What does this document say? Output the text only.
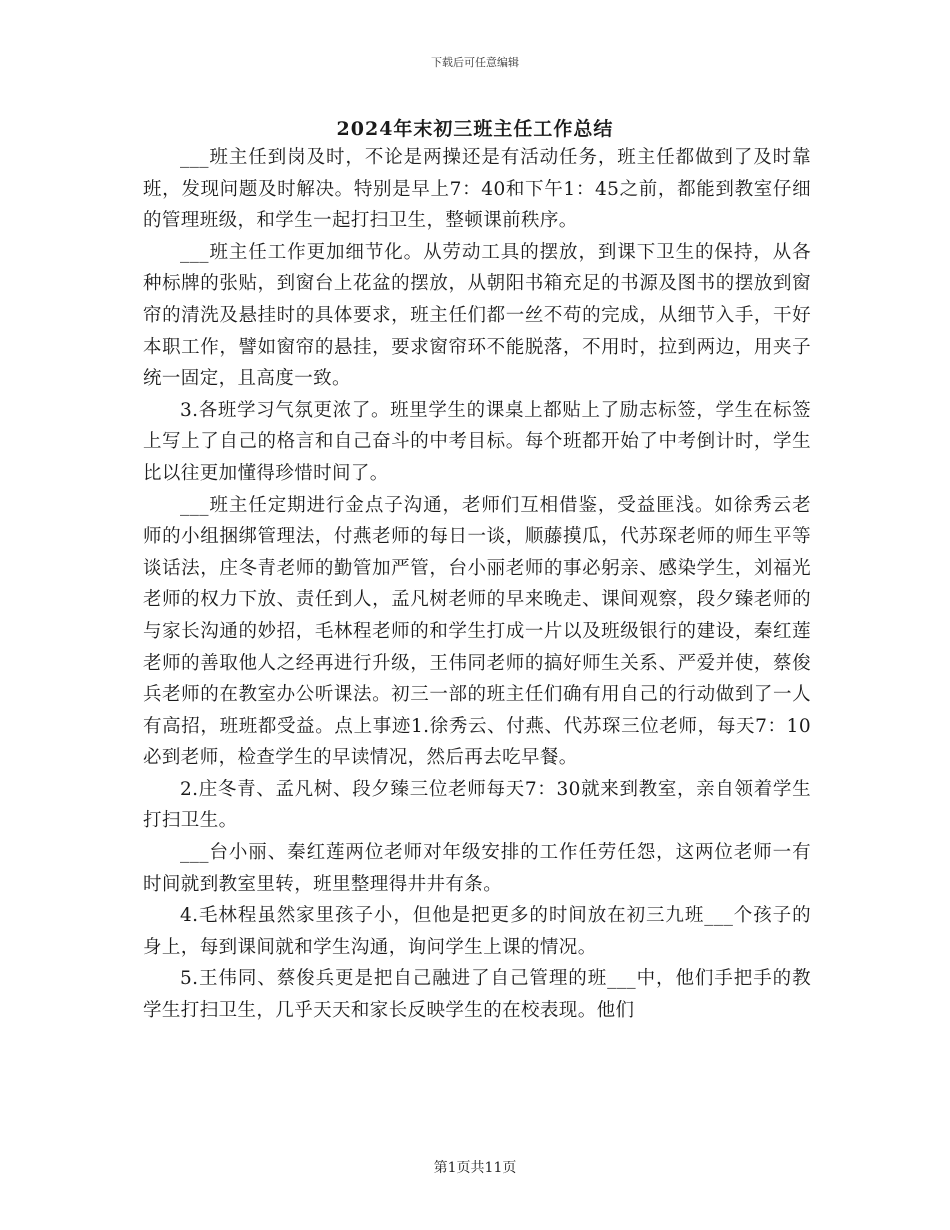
下载后可任意编辑
2024年末初三班主任工作总结

___班主任到岗及时，不论是两操还是有活动任务，班主任都做到了及时靠班，发现问题及时解决。特别是早上7：40和下午1：45之前，都能到教室仔细的管理班级，和学生一起打扫卫生，整顿课前秩序。

___班主任工作更加细节化。从劳动工具的摆放，到课下卫生的保持，从各种标牌的张贴，到窗台上花盆的摆放，从朝阳书箱充足的书源及图书的摆放到窗帘的清洗及悬挂时的具体要求，班主任们都一丝不苟的完成，从细节入手，干好本职工作，譬如窗帘的悬挂，要求窗帘环不能脱落，不用时，拉到两边，用夹子统一固定，且高度一致。

3.各班学习气氛更浓了。班里学生的课桌上都贴上了励志标签，学生在标签上写上了自己的格言和自己奋斗的中考目标。每个班都开始了中考倒计时，学生比以往更加懂得珍惜时间了。

___班主任定期进行金点子沟通，老师们互相借鉴，受益匪浅。如徐秀云老师的小组捆绑管理法，付燕老师的每日一谈，顺藤摸瓜，代苏琛老师的师生平等谈话法，庄冬青老师的勤管加严管，台小丽老师的事必躬亲、感染学生，刘福光老师的权力下放、责任到人，孟凡树老师的早来晚走、课间观察，段夕臻老师的与家长沟通的妙招，毛林程老师的和学生打成一片以及班级银行的建设，秦红莲老师的善取他人之经再进行升级，王伟同老师的搞好师生关系、严爱并使，蔡俊兵老师的在教室办公听课法。初三一部的班主任们确有用自己的行动做到了一人有高招，班班都受益。点上事迹1.徐秀云、付燕、代苏琛三位老师，每天7：10必到老师，检查学生的早读情况，然后再去吃早餐。

2.庄冬青、孟凡树、段夕臻三位老师每天7：30就来到教室，亲自领着学生打扫卫生。

___台小丽、秦红莲两位老师对年级安排的工作任劳任怨，这两位老师一有时间就到教室里转，班里整理得井井有条。

4.毛林程虽然家里孩子小，但他是把更多的时间放在初三九班___个孩子的身上，每到课间就和学生沟通，询问学生上课的情况。

5.王伟同、蔡俊兵更是把自己融进了自己管理的班___中，他们手把手的教学生打扫卫生，几乎天天和家长反映学生的在校表现。他们

第1页共11页
